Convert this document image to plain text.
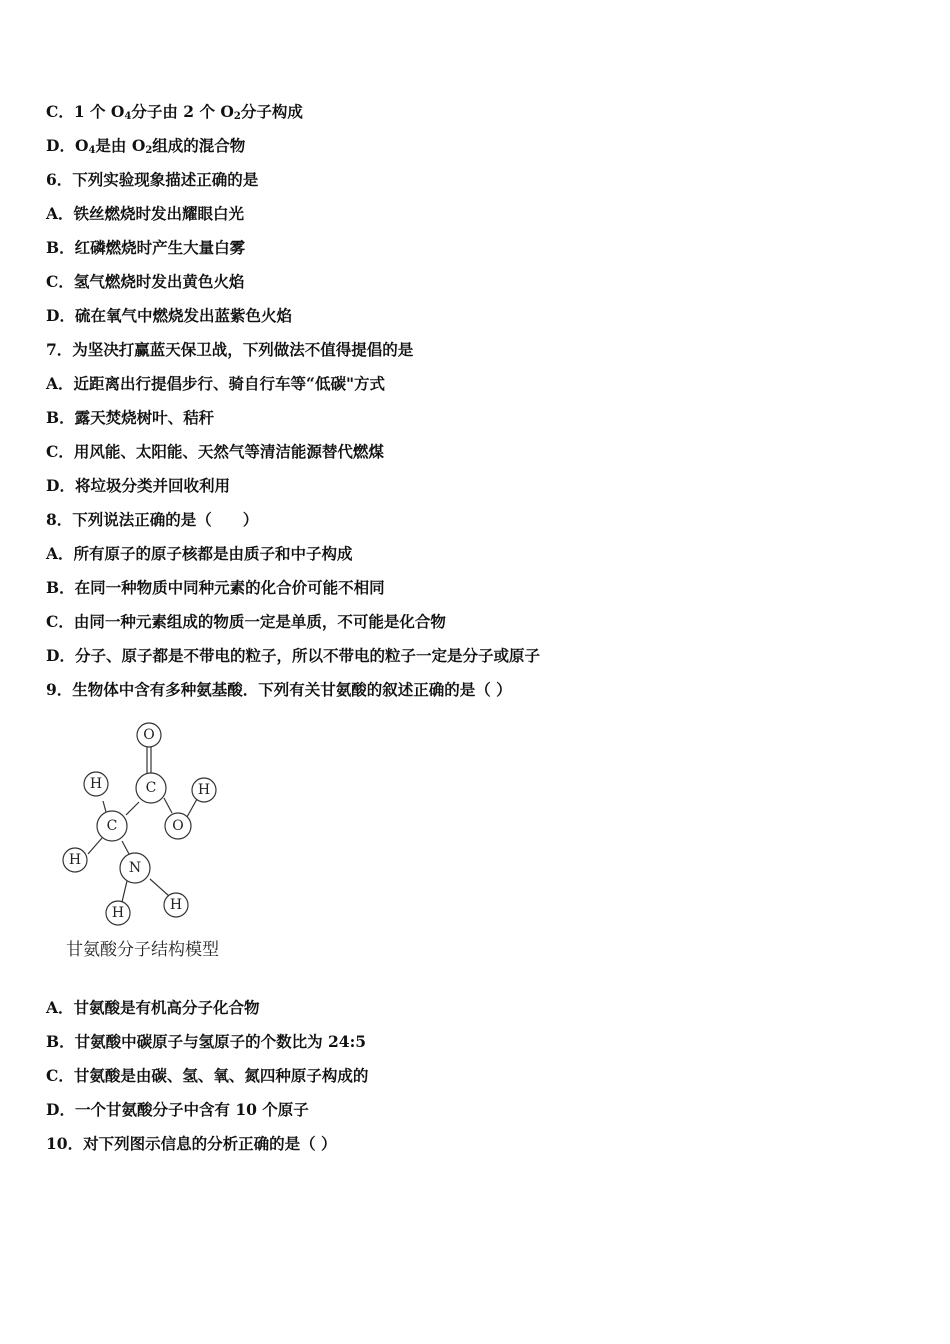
C．1 个 $O_4$分子由 2 个 $O_2$分子构成
D．$O_4$是由 $O_2$组成的混合物
6．下列实验现象描述正确的是
A．铁丝燃烧时发出耀眼白光
B．红磷燃烧时产生大量白雾
C．氢气燃烧时发出黄色火焰
D．硫在氧气中燃烧发出蓝紫色火焰
7．为坚决打赢蓝天保卫战，下列做法不值得提倡的是
A．近距离出行提倡步行、骑自行车等“低碳"方式
B．露天焚烧树叶、秸秆
C．用风能、太阳能、天然气等清洁能源替代燃煤
D．将垃圾分类并回收利用
8．下列说法正确的是（　　）
A．所有原子的原子核都是由质子和中子构成
B．在同一种物质中同种元素的化合价可能不相同
C．由同一种元素组成的物质一定是单质，不可能是化合物
D．分子、原子都是不带电的粒子，所以不带电的粒子一定是分子或原子
9．生物体中含有多种氨基酸．下列有关甘氨酸的叙述正确的是（ ）
O
C
H	H
C	O
H	N
H	H
甘氨酸分子结构模型
A．甘氨酸是有机高分子化合物
B．甘氨酸中碳原子与氢原子的个数比为 24:5
C．甘氨酸是由碳、氢、氧、氮四种原子构成的
D．一个甘氨酸分子中含有 10 个原子
10．对下列图示信息的分析正确的是（ ）
